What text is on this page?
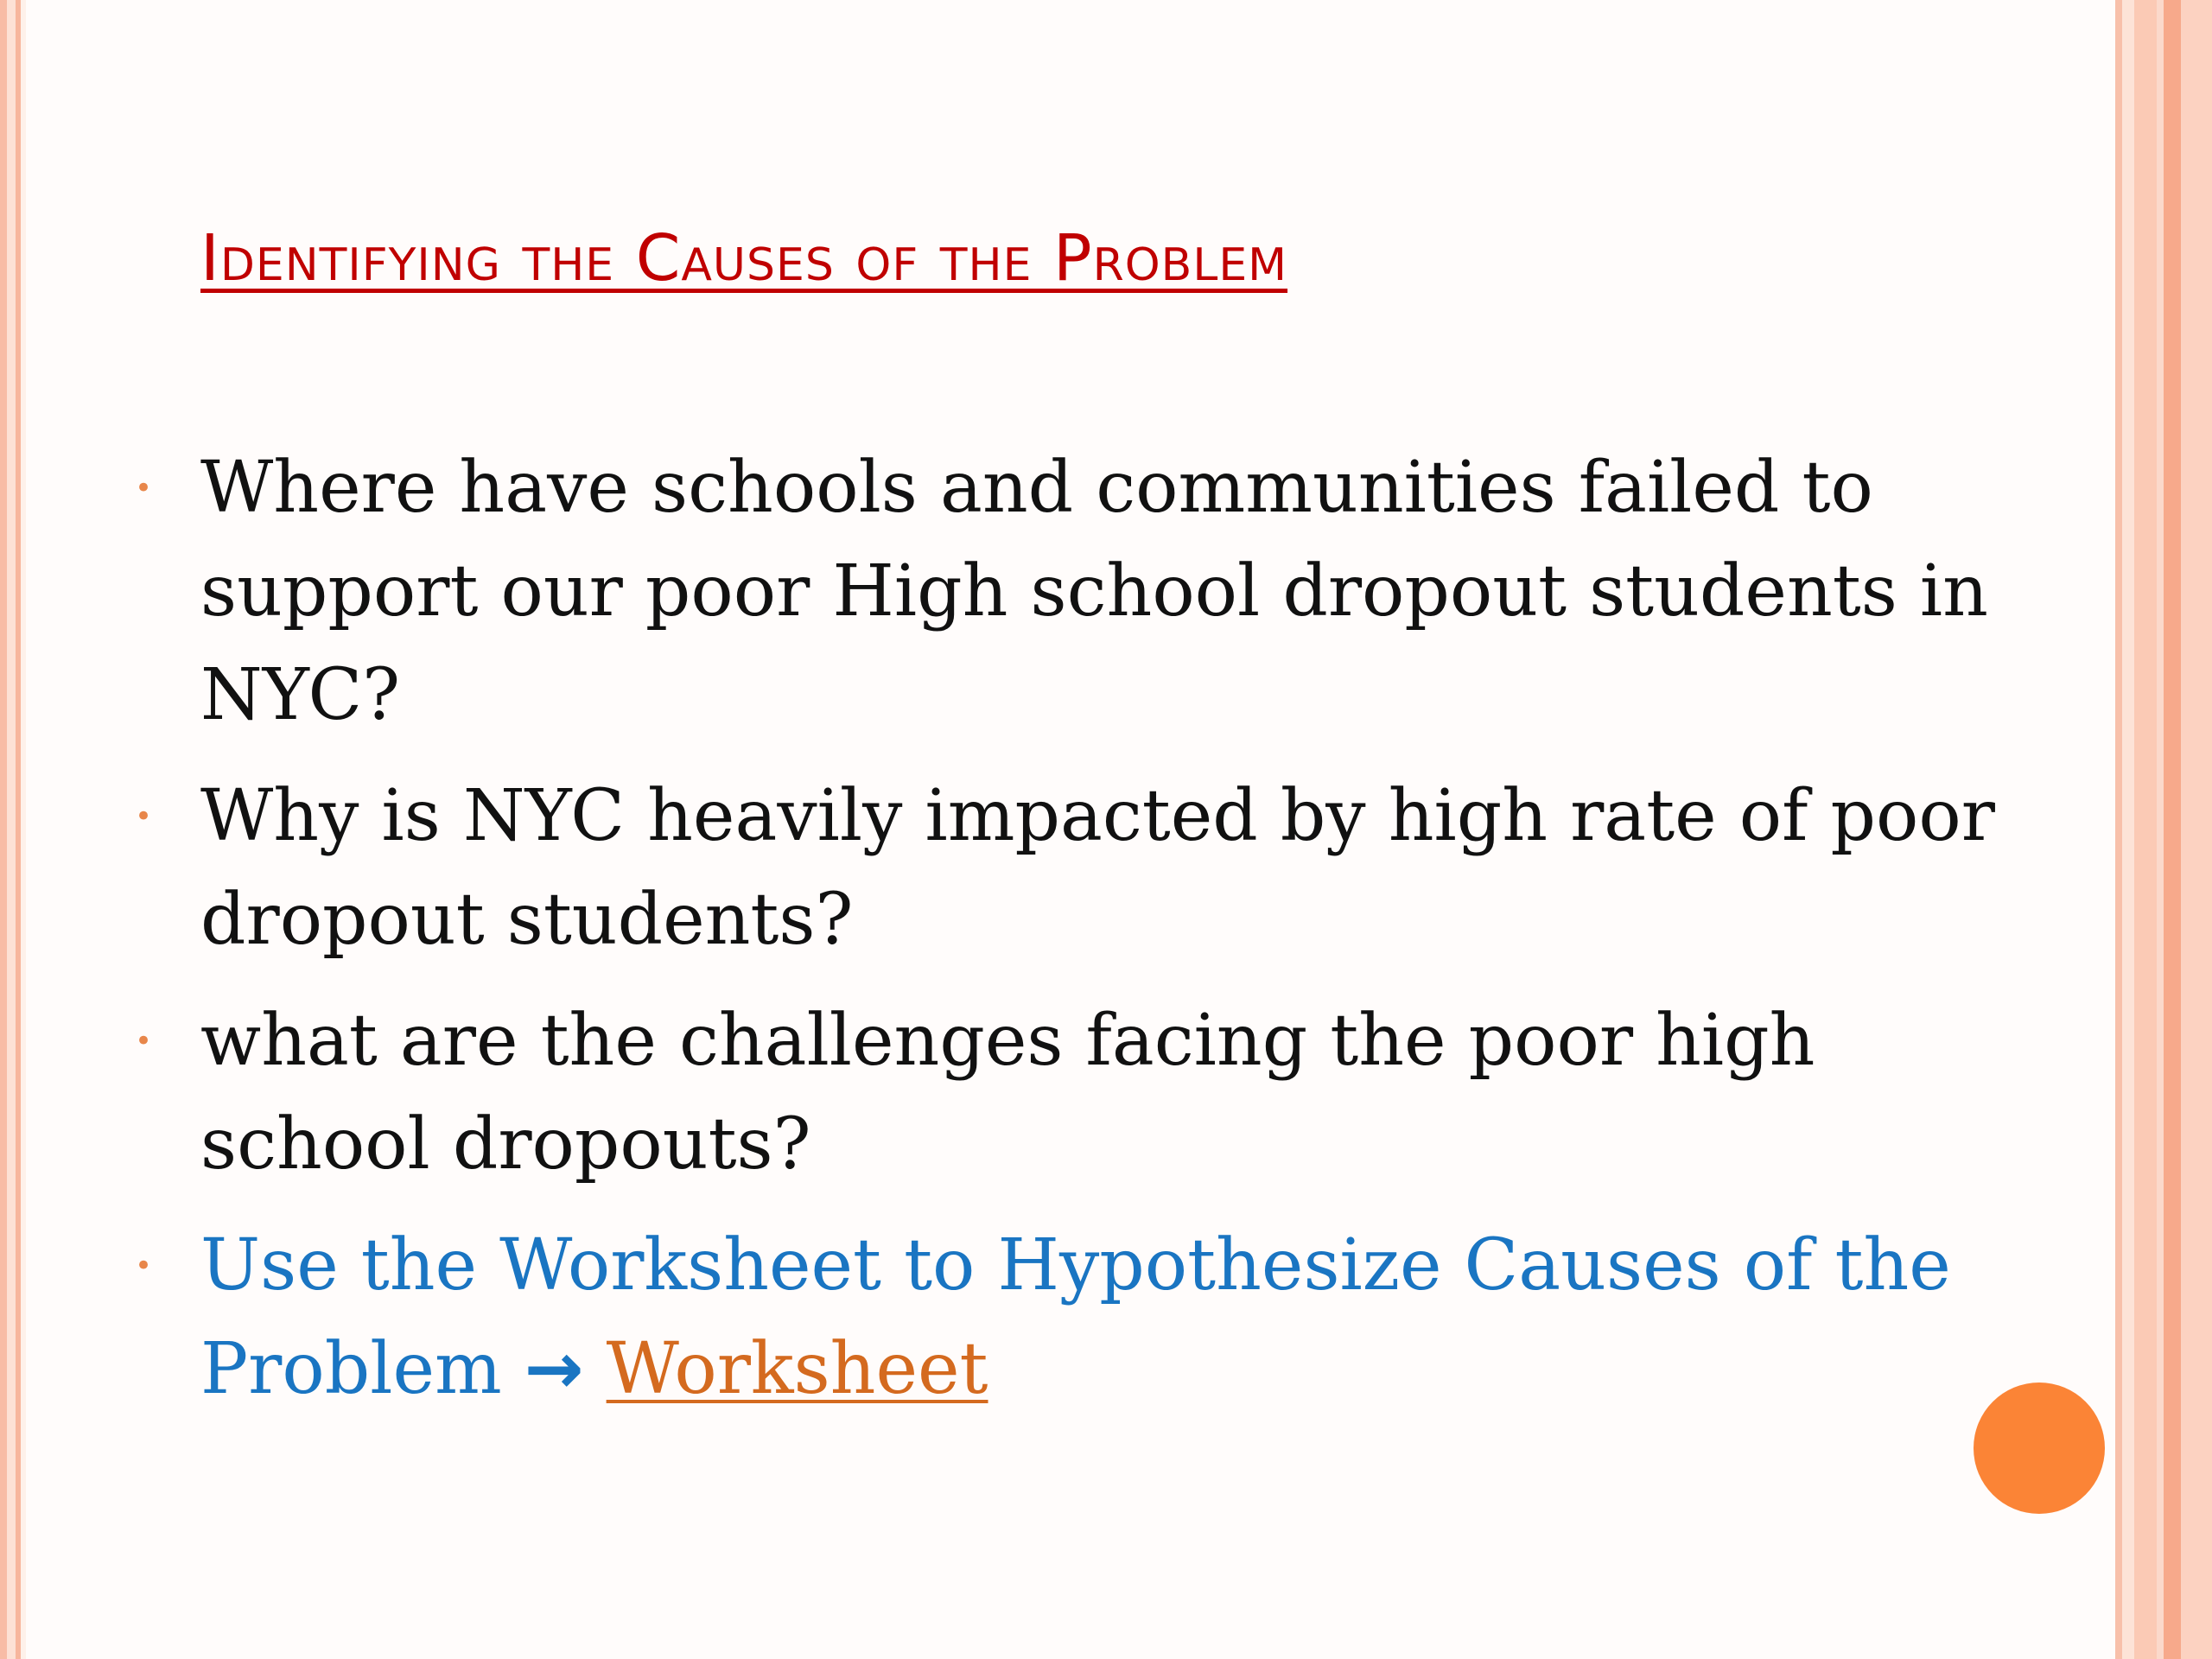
Identifying the Causes of the Problem
• Where have schools and communities failed to support our poor High school dropout students in NYC?
• Why is NYC heavily impacted by high rate of poor dropout students?
• what are the challenges facing the poor high school dropouts?
• Use the Worksheet to Hypothesize Causes of the Problem → Worksheet
